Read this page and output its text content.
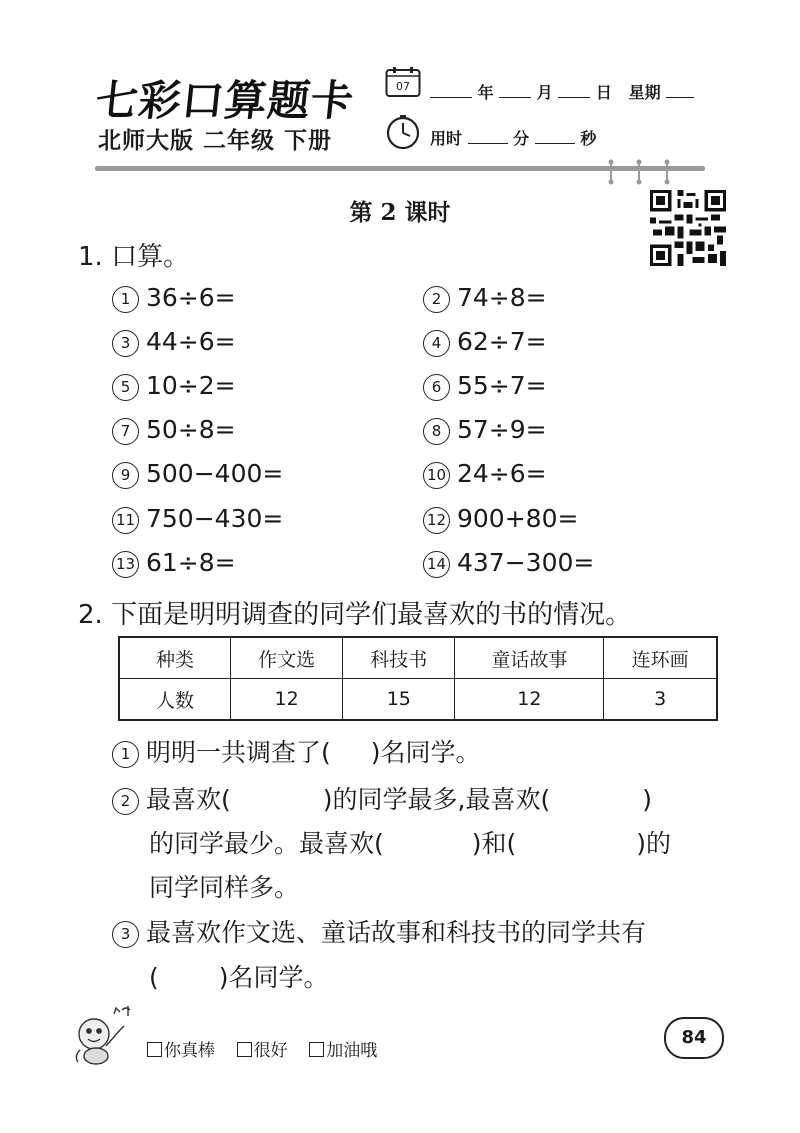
七彩口算题卡
北师大版 二年级 下册
07	年	月	日 星期
用时	分	秒
第 2 课时
1. 口算。
1 36÷6=	2 74÷8=
3 44÷6=	4 62÷7=
5 10÷2=	6 55÷7=
7 50÷8=	8 57÷9=
9 500−400=	10 24÷6=
11 750−430=	12 900+80=
13 61÷8=	14 437−300=
2. 下面是明明调查的同学们最喜欢的书的情况。
种类	作文选	科技书	童话故事	连环画
人数	12	15	12	3
1 明明一共调查了( )名同学。
2 最喜欢(	)的同学最多,最喜欢(	)
的同学最少。最喜欢(	)和(	)的
同学同样多。
3 最喜欢作文选、童话故事和科技书的同学共有
( )名同学。
你真棒 很好 加油哦
84
